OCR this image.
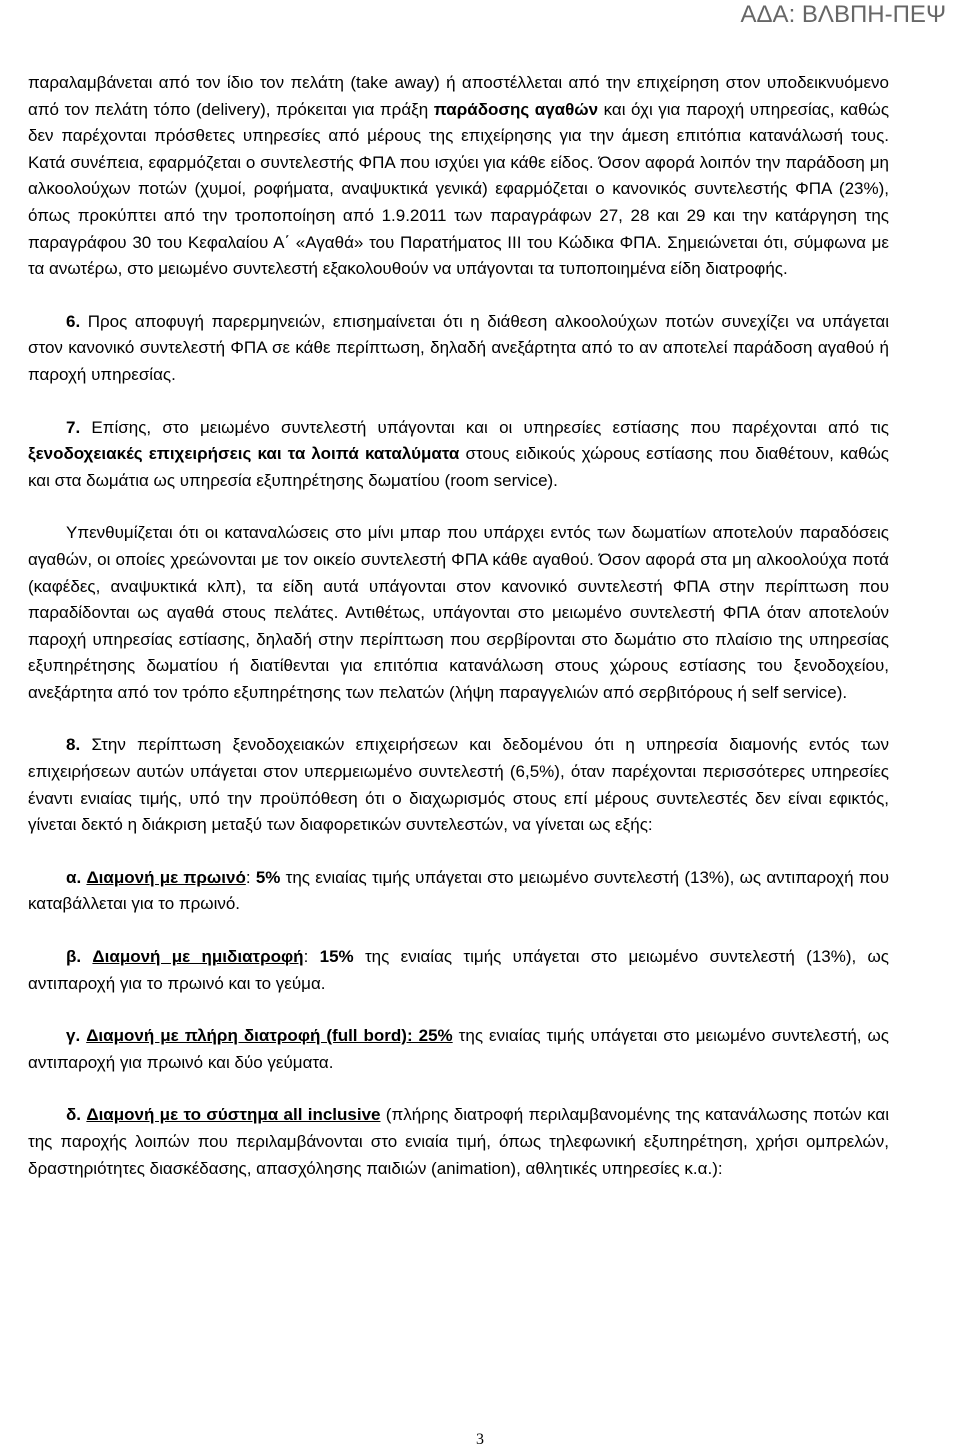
ΑΔΑ: ΒΛΒΠΗ-ΠΕΨ

παραλαμβάνεται από τον ίδιο τον πελάτη (take away) ή αποστέλλεται από την επιχείρηση στον υποδεικνυόμενο από τον πελάτη τόπο (delivery), πρόκειται για πράξη παράδοσης αγαθών και όχι για παροχή υπηρεσίας, καθώς δεν παρέχονται πρόσθετες υπηρεσίες από μέρους της επιχείρησης για την άμεση επιτόπια κατανάλωσή τους. Κατά συνέπεια, εφαρμόζεται ο συντελεστής ΦΠΑ που ισχύει για κάθε είδος. Όσον αφορά λοιπόν την παράδοση μη αλκοολούχων ποτών (χυμοί, ροφήματα, αναψυκτικά γενικά) εφαρμόζεται ο κανονικός συντελεστής ΦΠΑ (23%), όπως προκύπτει από την τροποποίηση από 1.9.2011 των παραγράφων 27, 28 και 29 και την κατάργηση της παραγράφου 30 του Κεφαλαίου Α΄ «Αγαθά» του Παρατήματος ΙΙΙ του Κώδικα ΦΠΑ. Σημειώνεται ότι, σύμφωνα με τα ανωτέρω, στο μειωμένο συντελεστή εξακολουθούν να υπάγονται τα τυποποιημένα είδη διατροφής.

6. Προς αποφυγή παρερμηνειών, επισημαίνεται ότι η διάθεση αλκοολούχων ποτών συνεχίζει να υπάγεται στον κανονικό συντελεστή ΦΠΑ σε κάθε περίπτωση, δηλαδή ανεξάρτητα από το αν αποτελεί παράδοση αγαθού ή παροχή υπηρεσίας.

7. Επίσης, στο μειωμένο συντελεστή υπάγονται και οι υπηρεσίες εστίασης που παρέχονται από τις ξενοδοχειακές επιχειρήσεις και τα λοιπά καταλύματα στους ειδικούς χώρους εστίασης που διαθέτουν, καθώς και στα δωμάτια ως υπηρεσία εξυπηρέτησης δωματίου (room service).

Υπενθυμίζεται ότι οι καταναλώσεις στο μίνι μπαρ που υπάρχει εντός των δωματίων αποτελούν παραδόσεις αγαθών, οι οποίες χρεώνονται με τον οικείο συντελεστή ΦΠΑ κάθε αγαθού. Όσον αφορά στα μη αλκοολούχα ποτά (καφέδες, αναψυκτικά κλπ), τα είδη αυτά υπάγονται στον κανονικό συντελεστή ΦΠΑ στην περίπτωση που παραδίδονται ως αγαθά στους πελάτες. Αντιθέτως, υπάγονται στο μειωμένο συντελεστή ΦΠΑ όταν αποτελούν παροχή υπηρεσίας εστίασης, δηλαδή στην περίπτωση που σερβίρονται στο δωμάτιο στο πλαίσιο της υπηρεσίας εξυπηρέτησης δωματίου ή διατίθενται για επιτόπια κατανάλωση στους χώρους εστίασης του ξενοδοχείου, ανεξάρτητα από τον τρόπο εξυπηρέτησης των πελατών (λήψη παραγγελιών από σερβιτόρους ή self service).

8. Στην περίπτωση ξενοδοχειακών επιχειρήσεων και δεδομένου ότι η υπηρεσία διαμονής εντός των επιχειρήσεων αυτών υπάγεται στον υπερμειωμένο συντελεστή (6,5%), όταν παρέχονται περισσότερες υπηρεσίες έναντι ενιαίας τιμής, υπό την προϋπόθεση ότι ο διαχωρισμός στους επί μέρους συντελεστές δεν είναι εφικτός, γίνεται δεκτό η διάκριση μεταξύ των διαφορετικών συντελεστών, να γίνεται ως εξής:

α. Διαμονή με πρωινό: 5% της ενιαίας τιμής υπάγεται στο μειωμένο συντελεστή (13%), ως αντιπαροχή που καταβάλλεται για το πρωινό.

β. Διαμονή με ημιδιατροφή: 15% της ενιαίας τιμής υπάγεται στο μειωμένο συντελεστή (13%), ως αντιπαροχή για το πρωινό και το γεύμα.

γ. Διαμονή με πλήρη διατροφή (full bord): 25% της ενιαίας τιμής υπάγεται στο μειωμένο συντελεστή, ως αντιπαροχή για πρωινό και δύο γεύματα.

δ. Διαμονή με το σύστημα all inclusive (πλήρης διατροφή περιλαμβανομένης της κατανάλωσης ποτών και της παροχής λοιπών που περιλαμβάνονται στο ενιαία τιμή, όπως τηλεφωνική εξυπηρέτηση, χρήσι ομπρελών, δραστηριότητες διασκέδασης, απασχόλησης παιδιών (animation), αθλητικές υπηρεσίες κ.α.):

3
